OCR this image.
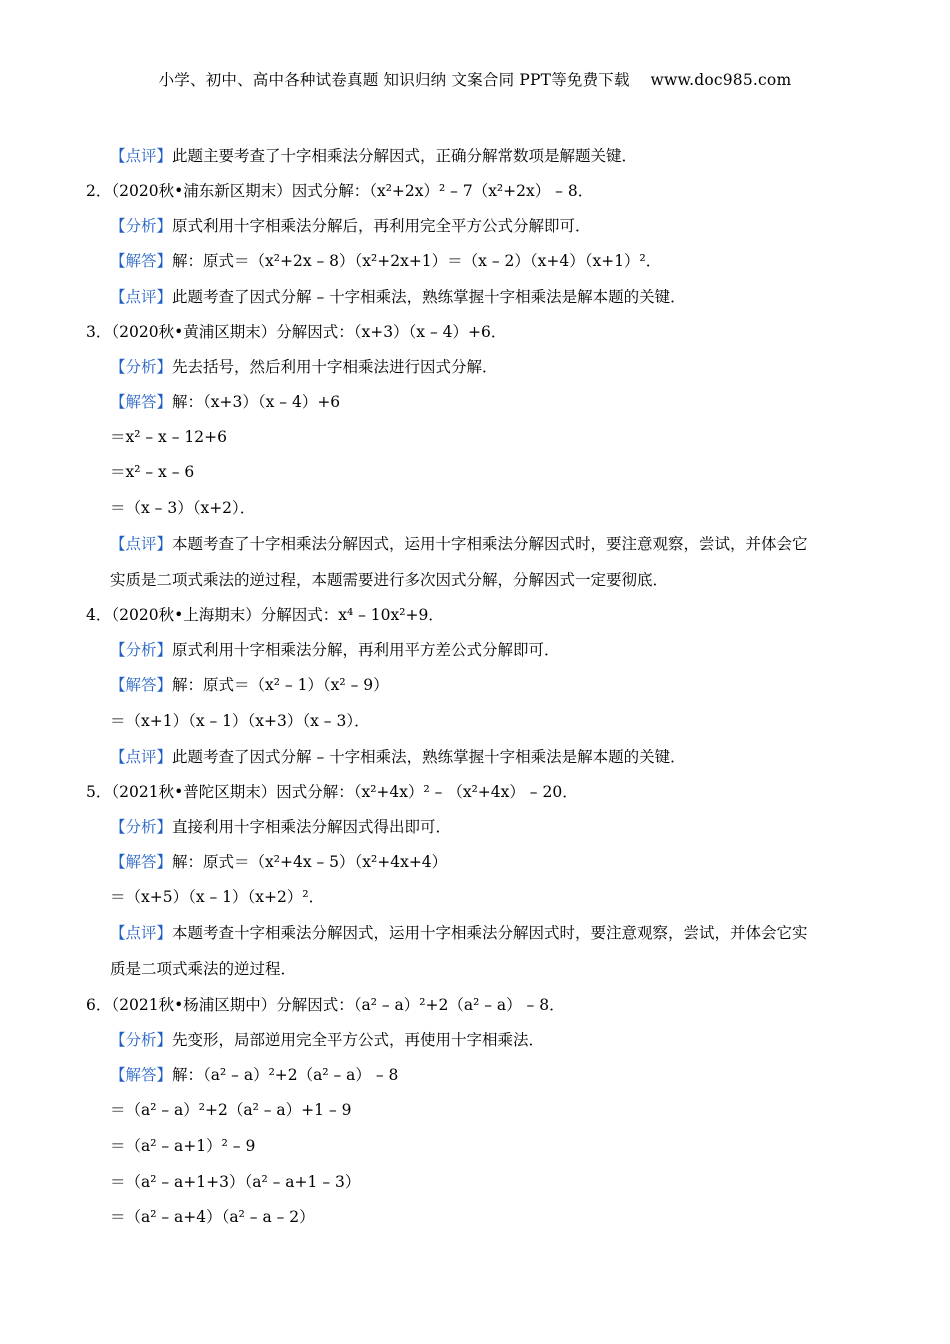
小学、初中、高中各种试卷真题 知识归纳 文案合同 PPT等免费下载　 www.doc985.com
【点评】此题主要考查了十字相乘法分解因式，正确分解常数项是解题关键．
2．（2020秋•浦东新区期末）因式分解：（x²+2x）² – 7（x²+2x） – 8．
【分析】原式利用十字相乘法分解后，再利用完全平方公式分解即可．
【解答】解：原式＝（x²+2x – 8）（x²+2x+1）＝（x – 2）（x+4）（x+1）²．
【点评】此题考查了因式分解 – 十字相乘法，熟练掌握十字相乘法是解本题的关键．
3．（2020秋•黄浦区期末）分解因式：（x+3）（x – 4）+6．
【分析】先去括号，然后利用十字相乘法进行因式分解．
【解答】解：（x+3）（x – 4）+6
＝x² – x – 12+6
＝x² – x – 6
＝（x – 3）（x+2）．
【点评】本题考查了十字相乘法分解因式，运用十字相乘法分解因式时，要注意观察，尝试，并体会它
实质是二项式乘法的逆过程，本题需要进行多次因式分解，分解因式一定要彻底．
4．（2020秋•上海期末）分解因式：x⁴ – 10x²+9．
【分析】原式利用十字相乘法分解，再利用平方差公式分解即可．
【解答】解：原式＝（x² – 1）（x² – 9）
＝（x+1）（x – 1）（x+3）（x – 3）．
【点评】此题考查了因式分解 – 十字相乘法，熟练掌握十字相乘法是解本题的关键．
5．（2021秋•普陀区期末）因式分解：（x²+4x）² – （x²+4x） – 20．
【分析】直接利用十字相乘法分解因式得出即可．
【解答】解：原式＝（x²+4x – 5）（x²+4x+4）
＝（x+5）（x – 1）（x+2）²．
【点评】本题考查十字相乘法分解因式，运用十字相乘法分解因式时，要注意观察，尝试，并体会它实
质是二项式乘法的逆过程．
6．（2021秋•杨浦区期中）分解因式：（a² – a）²+2（a² – a） – 8．
【分析】先变形，局部逆用完全平方公式，再使用十字相乘法．
【解答】解：（a² – a）²+2（a² – a） – 8
＝（a² – a）²+2（a² – a）+1 – 9
＝（a² – a+1）² – 9
＝（a² – a+1+3）（a² – a+1 – 3）
＝（a² – a+4）（a² – a – 2）
